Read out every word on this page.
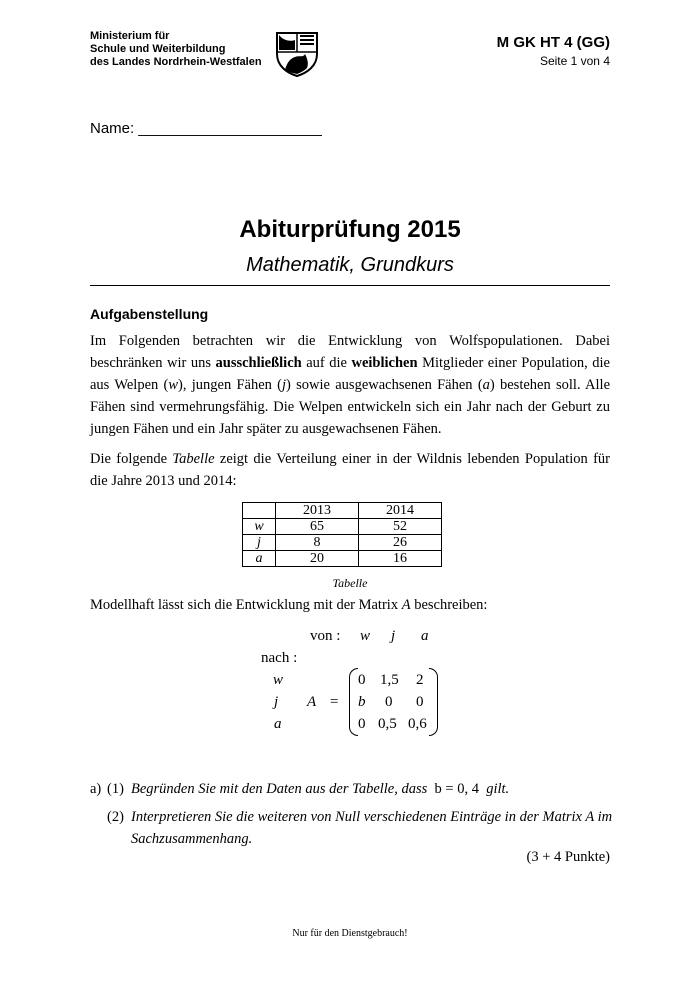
Ministerium für
Schule und Weiterbildung
des Landes Nordrhein-Westfalen
M GK HT 4 (GG)
Seite 1 von 4
Name: ______________________
Abiturprüfung 2015
Mathematik, Grundkurs
Aufgabenstellung
Im Folgenden betrachten wir die Entwicklung von Wolfspopulationen. Dabei beschränken wir uns ausschließlich auf die weiblichen Mitglieder einer Population, die aus Welpen (w), jungen Fähen (j) sowie ausgewachsenen Fähen (a) bestehen soll. Alle Fähen sind vermehrungsfähig. Die Welpen entwickeln sich ein Jahr nach der Geburt zu jungen Fähen und ein Jahr später zu ausgewachsenen Fähen.
Die folgende Tabelle zeigt die Verteilung einer in der Wildnis lebenden Population für die Jahre 2013 und 2014:
	2013	2014
w	65	52
j	8	26
a	20	16
Tabelle
Modellhaft lässt sich die Entwicklung mit der Matrix A beschreiben:
von : w j a
nach :
w
j
a
A =
0 1,5 2
b 0 0
0 0,5 0,6
a) (1) Begründen Sie mit den Daten aus der Tabelle, dass b = 0, 4 gilt.
(2) Interpretieren Sie die weiteren von Null verschiedenen Einträge in der Matrix A im
Sachzusammenhang.
(3 + 4 Punkte)
Nur für den Dienstgebrauch!
